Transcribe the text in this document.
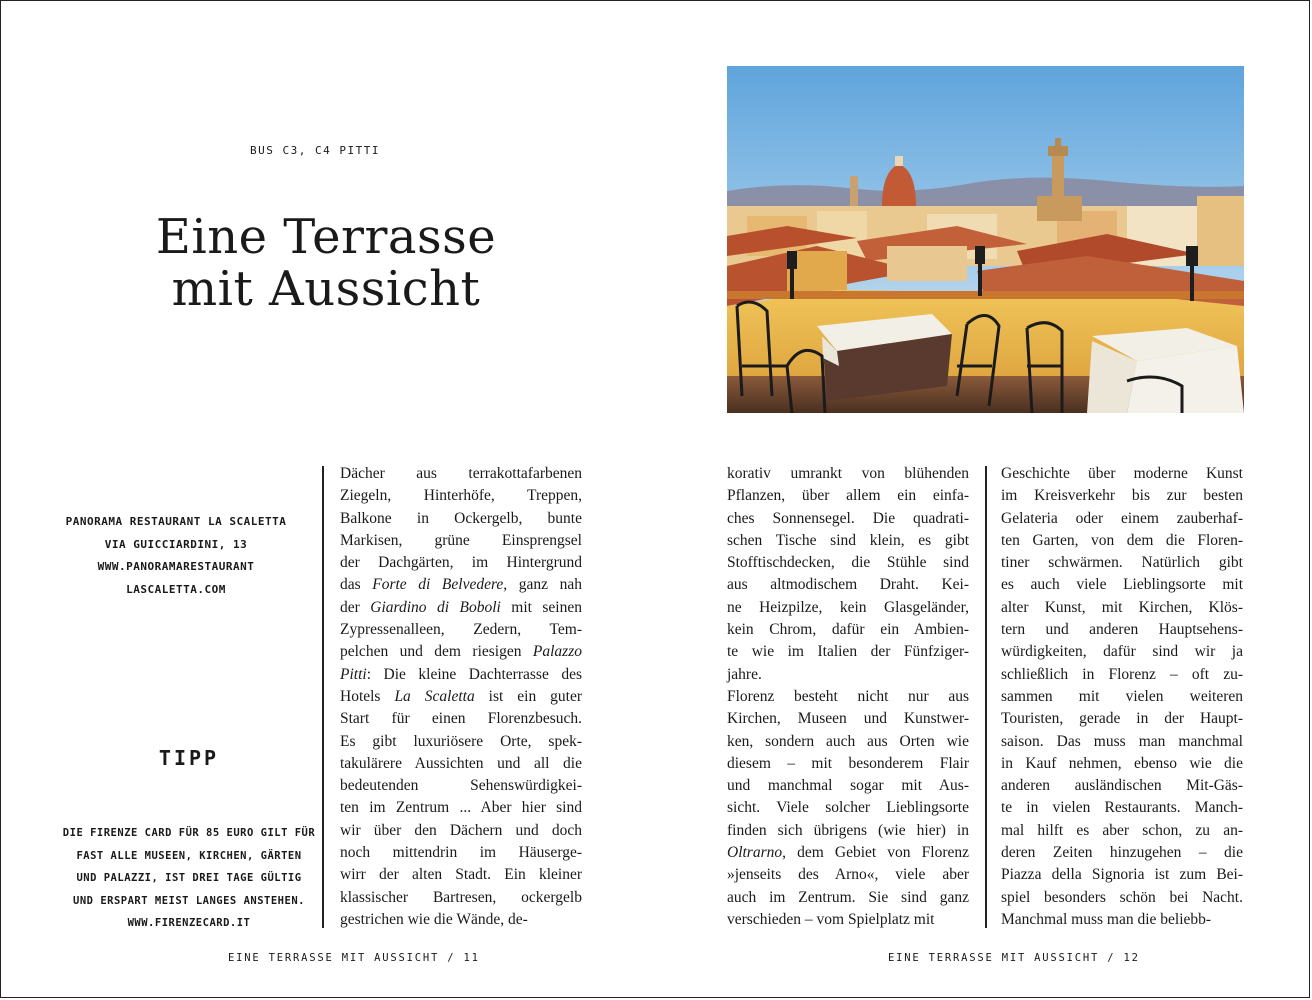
BUS C3, C4 PITTI
Eine Terrasse
mit Aussicht
PANORAMA RESTAURANT LA SCALETTA
VIA GUICCIARDINI, 13
WWW.PANORAMARESTAURANT
LASCALETTA.COM
TIPP
DIE FIRENZE CARD FÜR 85 EURO GILT FÜR
FAST ALLE MUSEEN, KIRCHEN, GÄRTEN
UND PALAZZI, IST DREI TAGE GÜLTIG
UND ERSPART MEIST LANGES ANSTEHEN.
WWW.FIRENZECARD.IT
Dächer aus terrakottafarbenen
Ziegeln, Hinterhöfe, Treppen,
Balkone in Ockergelb, bunte
Markisen, grüne Einsprengsel
der Dachgärten, im Hintergrund
das Forte di Belvedere, ganz nah
der Giardino di Boboli mit seinen
Zypressenalleen, Zedern, Tem-
pelchen und dem riesigen Palazzo
Pitti: Die kleine Dachterrasse des
Hotels La Scaletta ist ein guter
Start für einen Florenzbesuch.
Es gibt luxuriösere Orte, spek-
takulärere Aussichten und all die
bedeutenden Sehenswürdigkei-
ten im Zentrum ... Aber hier sind
wir über den Dächern und doch
noch mittendrin im Häuserge-
wirr der alten Stadt. Ein kleiner
klassischer Bartresen, ockergelb
gestrichen wie die Wände, de-
EINE TERRASSE MIT AUSSICHT / 11
korativ umrankt von blühenden
Pflanzen, über allem ein einfa-
ches Sonnensegel. Die quadrati-
schen Tische sind klein, es gibt
Stofftischdecken, die Stühle sind
aus altmodischem Draht. Kei-
ne Heizpilze, kein Glasgeländer,
kein Chrom, dafür ein Ambien-
te wie im Italien der Fünfziger-
jahre.
Florenz besteht nicht nur aus
Kirchen, Museen und Kunstwer-
ken, sondern auch aus Orten wie
diesem – mit besonderem Flair
und manchmal sogar mit Aus-
sicht. Viele solcher Lieblingsorte
finden sich übrigens (wie hier) in
Oltrarno, dem Gebiet von Florenz
»jenseits des Arno«, viele aber
auch im Zentrum. Sie sind ganz
verschieden – vom Spielplatz mit
Geschichte über moderne Kunst
im Kreisverkehr bis zur besten
Gelateria oder einem zauberhaf-
ten Garten, von dem die Floren-
tiner schwärmen. Natürlich gibt
es auch viele Lieblingsorte mit
alter Kunst, mit Kirchen, Klös-
tern und anderen Hauptsehens-
würdigkeiten, dafür sind wir ja
schließlich in Florenz – oft zu-
sammen mit vielen weiteren
Touristen, gerade in der Haupt-
saison. Das muss man manchmal
in Kauf nehmen, ebenso wie die
anderen ausländischen Mit-Gäs-
te in vielen Restaurants. Manch-
mal hilft es aber schon, zu an-
deren Zeiten hinzugehen – die
Piazza della Signoria ist zum Bei-
spiel besonders schön bei Nacht.
Manchmal muss man die beliebb-
EINE TERRASSE MIT AUSSICHT / 12
